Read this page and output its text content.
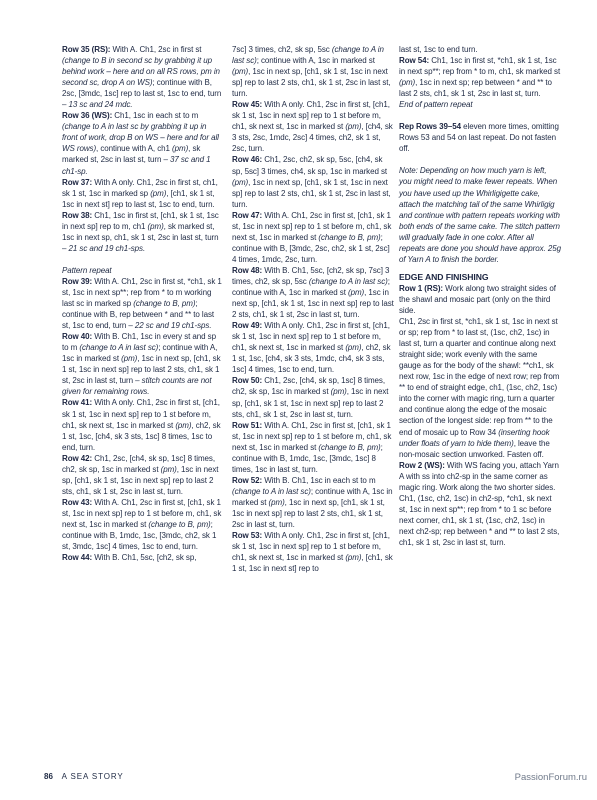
Row 35 (RS): With A. Ch1, 2sc in first st (change to B in second sc by grabbing it up behind work – here and on all RS rows, pm in second sc, drop A on WS); continue with B, 2sc, [3mdc, 1sc] rep to last st, 1sc to end, turn – 13 sc and 24 mdc.

Row 36 (WS): Ch1, 1sc in each st to m (change to A in last sc by grabbing it up in front of work, drop B on WS – here and for all WS rows), continue with A, ch1 (pm), sk marked st, 2sc in last st, turn – 37 sc and 1 ch1-sp.

Row 37: With A only. Ch1, 2sc in first st, ch1, sk 1 st, 1sc in marked sp (pm), [ch1, sk 1 st, 1sc in next st] rep to last st, 1sc to end, turn.

Row 38: Ch1, 1sc in first st, [ch1, sk 1 st, 1sc in next sp] rep to m, ch1 (pm), sk marked st, 1sc in next sp, ch1, sk 1 st, 2sc in last st, turn – 21 sc and 19 ch1-sps.

Pattern repeat

Row 39: With A. Ch1, 2sc in first st, *ch1, sk 1 st, 1sc in next sp**; rep from * to m working last sc in marked sp (change to B, pm); continue with B, rep between * and ** to last st, 1sc to end, turn – 22 sc and 19 ch1-sps.

Row 40: With B. Ch1, 1sc in every st and sp to m (change to A in last sc); continue with A, 1sc in marked st (pm), 1sc in next sp, [ch1, sk 1 st, 1sc in next sp] rep to last 2 sts, ch1, sk 1 st, 2sc in last st, turn – stitch counts are not given for remaining rows.

Row 41: With A only. Ch1, 2sc in first st, [ch1, sk 1 st, 1sc in next sp] rep to 1 st before m, ch1, sk next st, 1sc in marked st (pm), ch2, sk 1 st, 1sc, [ch4, sk 3 sts, 1sc] 8 times, 1sc to end, turn.

Row 42: Ch1, 2sc, [ch4, sk sp, 1sc] 8 times, ch2, sk sp, 1sc in marked st (pm), 1sc in next sp, [ch1, sk 1 st, 1sc in next sp] rep to last 2 sts, ch1, sk 1 st, 2sc in last st, turn.

Row 43: With A. Ch1, 2sc in first st, [ch1, sk 1 st, 1sc in next sp] rep to 1 st before m, ch1, sk next st, 1sc in marked st (change to B, pm); continue with B, 1mdc, 1sc, [3mdc, ch2, sk 1 st, 3mdc, 1sc] 4 times, 1sc to end, turn.

Row 44: With B. Ch1, 5sc, [ch2, sk sp,

7sc] 3 times, ch2, sk sp, 5sc (change to A in last sc); continue with A, 1sc in marked st (pm), 1sc in next sp, [ch1, sk 1 st, 1sc in next sp] rep to last 2 sts, ch1, sk 1 st, 2sc in last st, turn.

Row 45: With A only. Ch1, 2sc in first st, [ch1, sk 1 st, 1sc in next sp] rep to 1 st before m, ch1, sk next st, 1sc in marked st (pm), [ch4, sk 3 sts, 2sc, 1mdc, 2sc] 4 times, ch2, sk 1 st, 2sc, turn.

Row 46: Ch1, 2sc, ch2, sk sp, 5sc, [ch4, sk sp, 5sc] 3 times, ch4, sk sp, 1sc in marked st (pm), 1sc in next sp, [ch1, sk 1 st, 1sc in next sp] rep to last 2 sts, ch1, sk 1 st, 2sc in last st, turn.

Row 47: With A. Ch1, 2sc in first st, [ch1, sk 1 st, 1sc in next sp] rep to 1 st before m, ch1, sk next st, 1sc in marked st (change to B, pm); continue with B, [3mdc, 2sc, ch2, sk 1 st, 2sc] 4 times, 1mdc, 2sc, turn.

Row 48: With B. Ch1, 5sc, [ch2, sk sp, 7sc] 3 times, ch2, sk sp, 5sc (change to A in last sc); continue with A, 1sc in marked st (pm), 1sc in next sp, [ch1, sk 1 st, 1sc in next sp] rep to last 2 sts, ch1, sk 1 st, 2sc in last st, turn.

Row 49: With A only. Ch1, 2sc in first st, [ch1, sk 1 st, 1sc in next sp] rep to 1 st before m, ch1, sk next st, 1sc in marked st (pm), ch2, sk 1 st, 1sc, [ch4, sk 3 sts, 1mdc, ch4, sk 3 sts, 1sc] 4 times, 1sc to end, turn.

Row 50: Ch1, 2sc, [ch4, sk sp, 1sc] 8 times, ch2, sk sp, 1sc in marked st (pm), 1sc in next sp, [ch1, sk 1 st, 1sc in next sp] rep to last 2 sts, ch1, sk 1 st, 2sc in last st, turn.

Row 51: With A. Ch1, 2sc in first st, [ch1, sk 1 st, 1sc in next sp] rep to 1 st before m, ch1, sk next st, 1sc in marked st (change to B, pm); continue with B, 1mdc, 1sc, [3mdc, 1sc] 8 times, 1sc in last st, turn.

Row 52: With B. Ch1, 1sc in each st to m (change to A in last sc); continue with A, 1sc in marked st (pm), 1sc in next sp, [ch1, sk 1 st, 1sc in next sp] rep to last 2 sts, ch1, sk 1 st, 2sc in last st, turn.

Row 53: With A only. Ch1, 2sc in first st, [ch1, sk 1 st, 1sc in next sp] rep to 1 st before m, ch1, sk next st, 1sc in marked st (pm), [ch1, sk 1 st, 1sc in next st] rep to

last st, 1sc to end turn.

Row 54: Ch1, 1sc in first st, *ch1, sk 1 st, 1sc in next sp**; rep from * to m, ch1, sk marked st (pm), 1sc in next sp; rep between * and ** to last 2 sts, ch1, sk 1 st, 2sc in last st, turn.

End of pattern repeat

Rep Rows 39–54 eleven more times, omitting Rows 53 and 54 on last repeat. Do not fasten off.

Note: Depending on how much yarn is left, you might need to make fewer repeats. When you have used up the Whirligigette cake, attach the matching tail of the same Whirligig and continue with pattern repeats working with both ends of the same cake. The stitch pattern will gradually fade in one color. After all repeats are done you should have approx. 25g of Yarn A to finish the border.

EDGE AND FINISHING

Row 1 (RS): Work along two straight sides of the shawl and mosaic part (only on the third side.

Ch1, 2sc in first st, *ch1, sk 1 st, 1sc in next st or sp; rep from * to last st, (1sc, ch2, 1sc) in last st, turn a quarter and continue along next straight side; work evenly with the same gauge as for the body of the shawl: **ch1, sk next row, 1sc in the edge of next row; rep from ** to end of straight edge, ch1, (1sc, ch2, 1sc) into the corner with magic ring, turn a quarter and continue along the edge of the mosaic section of the longest side: rep from ** to the end of mosaic up to Row 34 (inserting hook under floats of yarn to hide them), leave the non-mosaic section unworked. Fasten off.

Row 2 (WS): With WS facing you, attach Yarn A with ss into ch2-sp in the same corner as magic ring. Work along the two shorter sides.

Ch1, (1sc, ch2, 1sc) in ch2-sp, *ch1, sk next st, 1sc in next sp**; rep from * to 1 sc before next corner, ch1, sk 1 st, (1sc, ch2, 1sc) in next ch2-sp; rep between * and ** to last 2 sts, ch1, sk 1 st, 2sc in last st, turn.

86 A SEA STORY	PassionForum.ru
